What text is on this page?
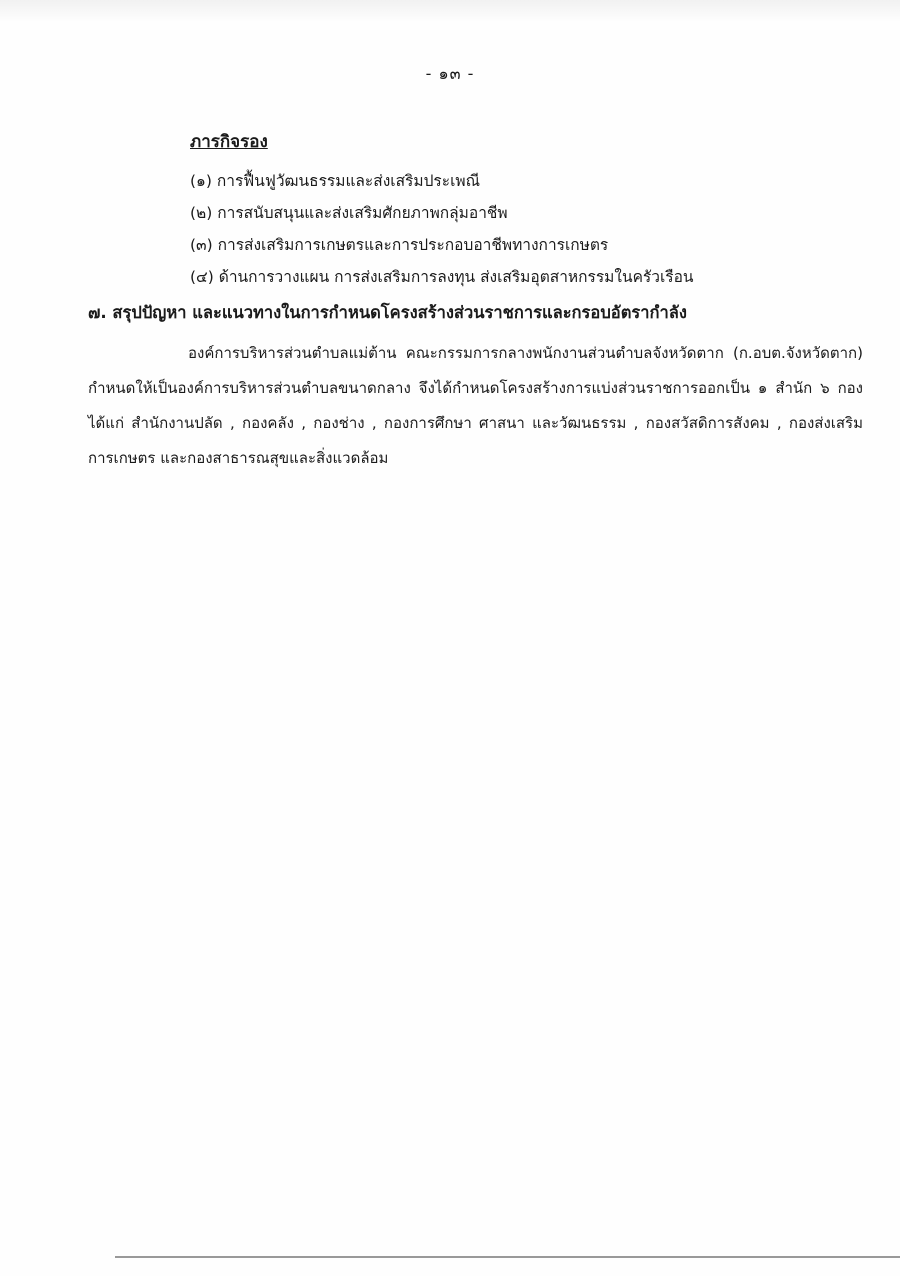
- ๑๓ -
ภารกิจรอง
(๑) การฟื้นฟูวัฒนธรรมและส่งเสริมประเพณี
(๒) การสนับสนุนและส่งเสริมศักยภาพกลุ่มอาชีพ
(๓) การส่งเสริมการเกษตรและการประกอบอาชีพทางการเกษตร
(๔) ด้านการวางแผน การส่งเสริมการลงทุน ส่งเสริมอุตสาหกรรมในครัวเรือน
๗. สรุปปัญหา และแนวทางในการกำหนดโครงสร้างส่วนราชการและกรอบอัตรากำลัง

องค์การบริหารส่วนตำบลแม่ต้าน คณะกรรมการกลางพนักงานส่วนตำบลจังหวัดตาก (ก.อบต.จังหวัดตาก) กำหนดให้เป็นองค์การบริหารส่วนตำบลขนาดกลาง จึงได้กำหนดโครงสร้างการแบ่งส่วนราชการออกเป็น ๑ สำนัก ๖ กอง ได้แก่ สำนักงานปลัด , กองคลัง , กองช่าง , กองการศึกษา ศาสนา และวัฒนธรรม , กองสวัสดิการสังคม , กองส่งเสริมการเกษตร และกองสาธารณสุขและสิ่งแวดล้อม
